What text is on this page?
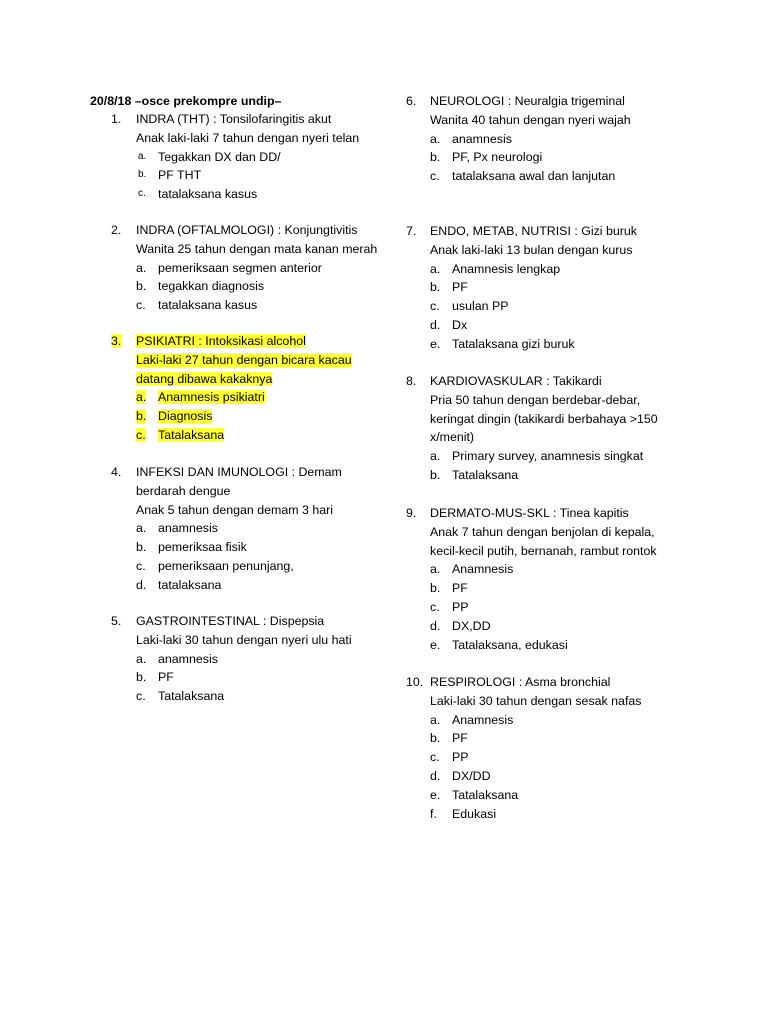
20/8/18 –osce prekompre undip–
1. INDRA (THT) : Tonsilofaringitis akut
Anak laki-laki 7 tahun dengan nyeri telan
a. Tegakkan DX dan DD/
b. PF THT
c. tatalaksana kasus
2. INDRA (OFTALMOLOGI) : Konjungtivitis
Wanita 25 tahun dengan mata kanan merah
a. pemeriksaan segmen anterior
b. tegakkan diagnosis
c. tatalaksana kasus
3. PSIKIATRI : Intoksikasi alcohol
Laki-laki 27 tahun dengan bicara kacau
datang dibawa kakaknya
a. Anamnesis psikiatri
b. Diagnosis
c. Tatalaksana
4. INFEKSI DAN IMUNOLOGI : Demam
berdarah dengue
Anak 5 tahun dengan demam 3 hari
a. anamnesis
b. pemeriksaa fisik
c. pemeriksaan penunjang,
d. tatalaksana
5. GASTROINTESTINAL : Dispepsia
Laki-laki 30 tahun dengan nyeri ulu hati
a. anamnesis
b. PF
c. Tatalaksana
6. NEUROLOGI : Neuralgia trigeminal
Wanita 40 tahun dengan nyeri wajah
a. anamnesis
b. PF, Px neurologi
c. tatalaksana awal dan lanjutan
7. ENDO, METAB, NUTRISI : Gizi buruk
Anak laki-laki 13 bulan dengan kurus
a. Anamnesis lengkap
b. PF
c. usulan PP
d. Dx
e. Tatalaksana gizi buruk
8. KARDIOVASKULAR : Takikardi
Pria 50 tahun dengan berdebar-debar,
keringat dingin (takikardi berbahaya >150
x/menit)
a. Primary survey, anamnesis singkat
b. Tatalaksana
9. DERMATO-MUS-SKL : Tinea kapitis
Anak 7 tahun dengan benjolan di kepala,
kecil-kecil putih, bernanah, rambut rontok
a. Anamnesis
b. PF
c. PP
d. DX,DD
e. Tatalaksana, edukasi
10. RESPIROLOGI : Asma bronchial
Laki-laki 30 tahun dengan sesak nafas
a. Anamnesis
b. PF
c. PP
d. DX/DD
e. Tatalaksana
f. Edukasi
